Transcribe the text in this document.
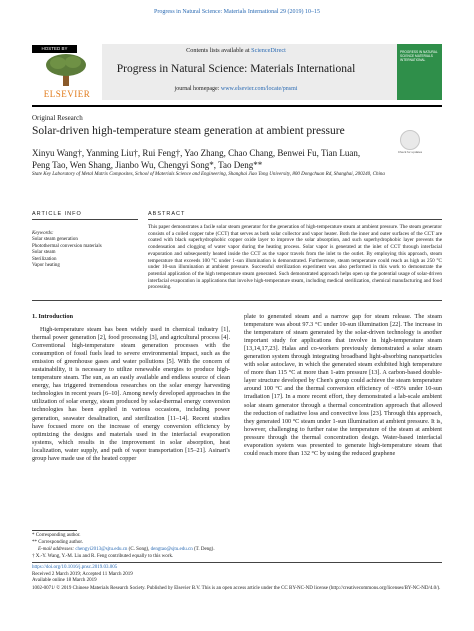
Progress in Natural Science: Materials International 29 (2019) 10–15
HOSTED BY
ELSEVIER
Contents lists available at ScienceDirect
Progress in Natural Science: Materials International
journal homepage: www.elsevier.com/locate/pnsmi
PROGRESS IN NATURAL SCIENCE MATERIALS INTERNATIONAL
Original Research
Solar-driven high-temperature steam generation at ambient pressure
Check for updates
Xinyu Wang†, Yanming Liu†, Rui Feng†, Yao Zhang, Chao Chang, Benwei Fu, Tian Luan, Peng Tao, Wen Shang, Jianbo Wu, Chengyi Song*, Tao Deng**
State Key Laboratory of Metal Matrix Composites, School of Materials Science and Engineering, Shanghai Jiao Tong University, 800 Dongchuan Rd, Shanghai, 200240, China
ARTICLE INFO
Keywords:
Solar steam generation
Photothermal conversion materials
Solar steam
Sterilization
Vapor heating
ABSTRACT

This paper demonstrates a facile solar steam generator for the generation of high-temperature steam at ambient pressure. The steam generator consists of a coiled copper tube (CCT) that serves as both solar collector and vapor heater. Both the inner and outer surfaces of the CCT are coated with black superhydrophobic copper oxide layer to improve the solar absorption, and such superhydrophobic layer prevents the condensation and clogging of water vapor during the heating process. Solar vapor is generated at the inlet of CCT through interfacial evaporation and subsequently heated inside the CCT as the vapor travels from the inlet to the outlet. By employing this approach, steam temperature that exceeds 100 °C under 1-sun illumination is demonstrated. Furthermore, steam temperature could reach as high as 250 °C under 10-sun illumination at ambient pressure. Successful sterilization experiment was also performed in this work to demonstrate the potential application of the high temperature steam generated. Such demonstrated approach helps open up the potential usage of solar-driven interfacial evaporation in applications that involve high-temperature steam, including medical sterilization, chemical manufacturing and food processing.

1. Introduction

High-temperature steam has been widely used in chemical industry [1], thermal power generation [2], food processing [3], and agricultural process [4]. Conventional high-temperature steam generation processes with the consumption of fossil fuels lead to severe environmental impact, such as the emission of greenhouse gases and water pollutions [5]. With the concern of sustainability, it is necessary to utilize renewable energies to produce high-temperature steam. The sun, as an easily available and endless source of clean energy, has triggered tremendous researches on the solar energy harvesting technologies in recent years [6–10]. Among newly developed approaches in the utilization of solar energy, steam produced by solar-thermal energy conversion technologies has been applied in various occasions, including power generation, seawater desalination, and sterilization [11–14]. Recent studies have focused more on the increase of energy conversion efficiency by optimizing the designs and materials used in the interfacial evaporation systems, which results in the improvement in solar absorption, heat localization, water supply, and path of vapor transportation [15–21]. Asinari's group have made use of the heated copper

plate to generated steam and a narrow gap for steam release. The steam temperature was about 97.3 °C under 10-sun illumination [22]. The increase in the temperature of steam generated by the solar-driven technology is another important study for applications that involve in high-temperature steam [13,14,17,23]. Halas and co-workers previously demonstrated a solar steam generation system through integrating broadband light-absorbing nanoparticles with solar autoclave, in which the generated steam exhibited high temperature of more than 115 °C at more than 1-atm pressure [13]. A carbon-based double-layer structure developed by Chen's group could achieve the steam temperature around 100 °C and the thermal conversion efficiency of ~85% under 10-sun irradiation [17]. In a more recent effort, they demonstrated a lab-scale ambient solar steam generator through a thermal concentration approach that allowed the reduction of radiative loss and convective loss [23]. Through this approach, they generated 100 °C steam under 1-sun illumination at ambient pressure. It is, however, challenging to further raise the temperature of the steam at ambient pressure through the thermal concentration design. Water-based interfacial evaporation system was presented to generate high-temperature steam that could reach more than 132 °C by using the reduced graphene

* Corresponding author.
** Corresponding author.
E-mail addresses: chengyi2013@sjtu.edu.cn (C. Song), dengtao@sjtu.edu.cn (T. Deng).
† X.-Y. Wang, Y.-M. Liu and R. Feng contributed equally to this work.
https://doi.org/10.1016/j.pnsc.2019.03.005
Received 2 March 2019; Accepted 11 March 2019
Available online 18 March 2019
1002-0071/ © 2019 Chinese Materials Research Society. Published by Elsevier B.V. This is an open access article under the CC BY-NC-ND license (http://creativecommons.org/licenses/BY-NC-ND/4.0/).
